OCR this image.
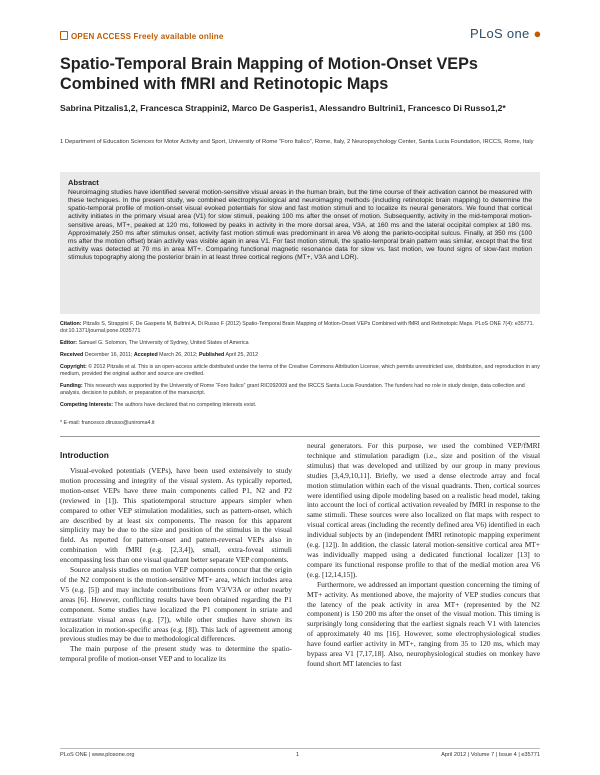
OPEN ACCESS Freely available online	PLoS one ●
Spatio-Temporal Brain Mapping of Motion-Onset VEPs Combined with fMRI and Retinotopic Maps
Sabrina Pitzalis1,2, Francesca Strappini2, Marco De Gasperis1, Alessandro Bultrini1, Francesco Di Russo1,2*
1 Department of Education Sciences for Motor Activity and Sport, University of Rome “Foro Italico”, Rome, Italy, 2 Neuropsychology Center, Santa Lucia Foundation, IRCCS, Rome, Italy
Abstract
Neuroimaging studies have identified several motion-sensitive visual areas in the human brain, but the time course of their activation cannot be measured with these techniques. In the present study, we combined electrophysiological and neuroimaging methods (including retinotopic brain mapping) to determine the spatio-temporal profile of motion-onset visual evoked potentials for slow and fast motion stimuli and to localize its neural generators. We found that cortical activity initiates in the primary visual area (V1) for slow stimuli, peaking 100 ms after the onset of motion. Subsequently, activity in the mid-temporal motion-sensitive areas, MT+, peaked at 120 ms, followed by peaks in activity in the more dorsal area, V3A, at 160 ms and the lateral occipital complex at 180 ms. Approximately 250 ms after stimulus onset, activity fast motion stimuli was predominant in area V6 along the parieto-occipital sulcus. Finally, at 350 ms (100 ms after the motion offset) brain activity was visible again in area V1. For fast motion stimuli, the spatio-temporal brain pattern was similar, except that the first activity was detected at 70 ms in area MT+. Comparing functional magnetic resonance data for slow vs. fast motion, we found signs of slow-fast motion stimulus topography along the posterior brain in at least three cortical regions (MT+, V3A and LOR).
Citation: Pitzalis S, Strappini F, De Gasperis M, Bultrini A, Di Russo F (2012) Spatio-Temporal Brain Mapping of Motion-Onset VEPs Combined with fMRI and Retinotopic Maps. PLoS ONE 7(4): e35771. doi:10.1371/journal.pone.0035771
Editor: Samuel G. Solomon, The University of Sydney, United States of America
Received December 16, 2011; Accepted March 26, 2012; Published April 25, 2012
Copyright: © 2012 Pitzalis et al. This is an open-access article distributed under the terms of the Creative Commons Attribution License, which permits unrestricted use, distribution, and reproduction in any medium, provided the original author and source are credited.
Funding: This research was supported by the University of Rome “Foro Italico” grant RIC092009 and the IRCCS Santa Lucia Foundation. The funders had no role in study design, data collection and analysis, decision to publish, or preparation of the manuscript.
Competing Interests: The authors have declared that no competing interests exist.
* E-mail: francesco.dirusso@uniroma4.it
Introduction

Visual-evoked potentials (VEPs), have been used extensively to study motion processing and integrity of the visual system. As typically reported, motion-onset VEPs have three main components called P1, N2 and P2 (reviewed in [1]). This spatiotemporal structure appears simpler when compared to other VEP stimulation modalities, such as pattern-onset, which are described by at least six components. The reason for this apparent simplicity may be due to the size and position of the stimulus in the visual field. As reported for pattern-onset and pattern-reversal VEPs also in combination with fMRI (e.g. [2,3,4]), small, extra-foveal stimuli encompassing less than one visual quadrant better separate VEP components.

Source analysis studies on motion VEP components concur that the origin of the N2 component is the motion-sensitive MT+ area, which includes area V5 (e.g. [5]) and may include contributions from V3/V3A or other nearby areas [6]. However, conflicting results have been obtained regarding the P1 component. Some studies have localized the P1 component in striate and extrastriate visual areas (e.g. [7]), while other studies have shown its localization in motion-specific areas (e.g. [8]). This lack of agreement among previous studies may be due to methodological differences.

The main purpose of the present study was to determine the spatio-temporal profile of motion-onset VEP and to localize its

neural generators. For this purpose, we used the combined VEP/fMRI technique and stimulation paradigm (i.e., size and position of the visual stimulus) that was developed and utilized by our group in many previous studies [3,4,9,10,11]. Briefly, we used a dense electrode array and focal motion stimulation within each of the visual quadrants. Then, cortical sources were identified using dipole modeling based on a realistic head model, taking into account the loci of cortical activation revealed by fMRI in response to the same stimuli. These sources were also localized on flat maps with respect to visual cortical areas (including the recently defined area V6) identified in each individual subjects by an (independent fMRI retinotopic mapping experiment (e.g. [12]). In addition, the classic lateral motion-sensitive cortical area MT+ was individually mapped using a dedicated functional localizer [13] to compare its functional response profile to that of the medial motion area V6 (e.g. [12,14,15]).

Furthermore, we addressed an important question concerning the timing of MT+ activity. As mentioned above, the majority of VEP studies concurs that the latency of the peak activity in area MT+ (represented by the N2 component) is 150 200 ms after the onset of the visual motion. This timing is surprisingly long considering that the earliest signals reach V1 with latencies of approximately 40 ms [16]. However, some electrophysiological studies have found earlier activity in MT+, ranging from 35 to 120 ms, which may bypass area V1 [7,17,18]. Also, neurophysiological studies on monkey have found short MT latencies to fast

PLoS ONE | www.plosone.org	1	April 2012 | Volume 7 | Issue 4 | e35771
